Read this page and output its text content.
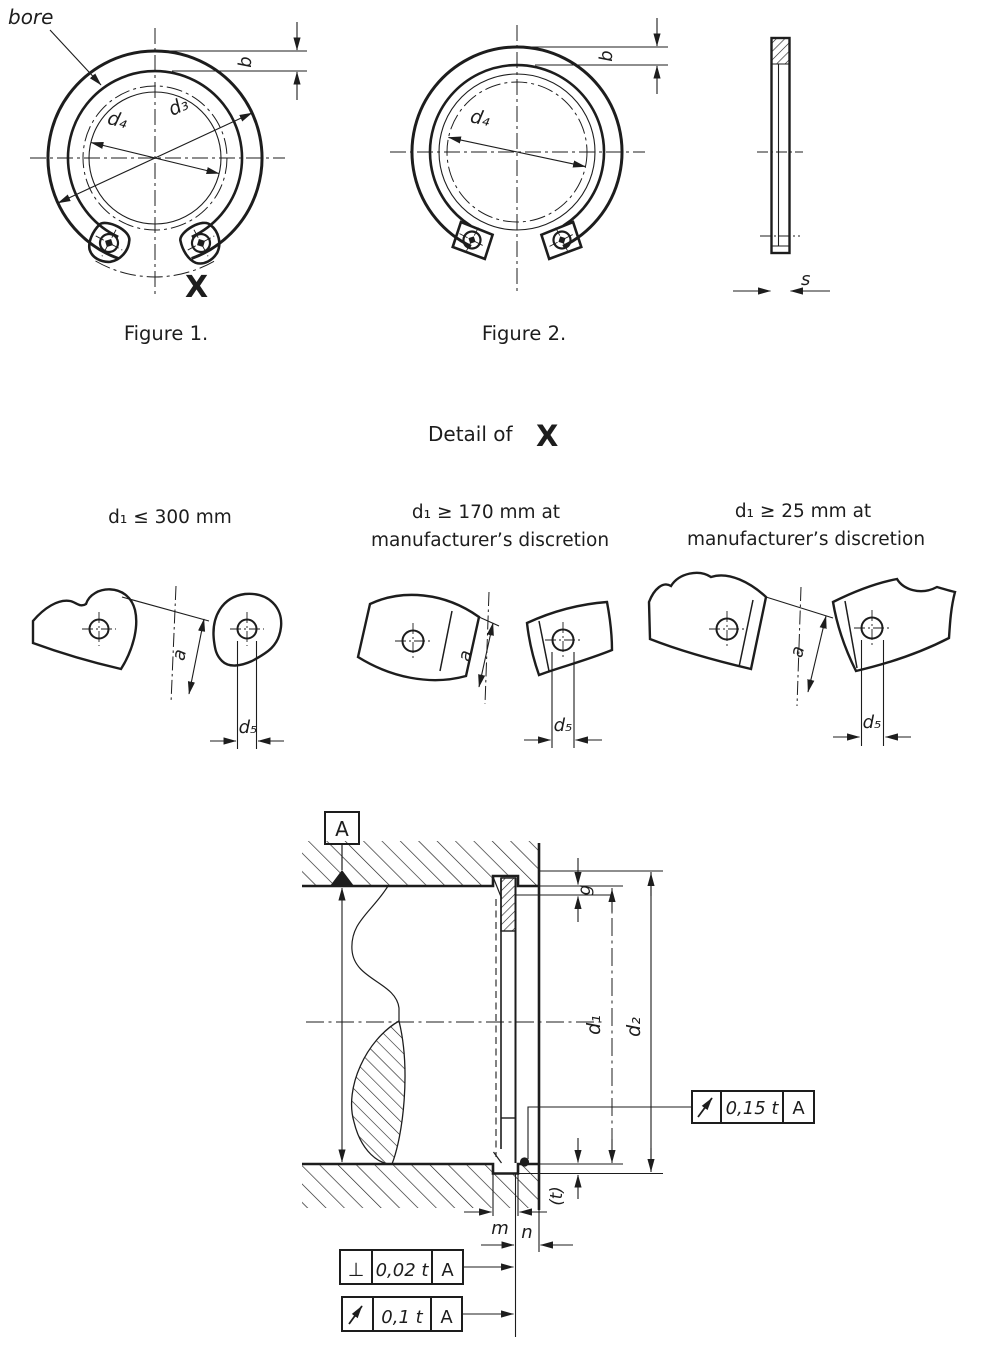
bore
b
d₄ d₃
X
Figure 1.
b
d₄
Figure 2.
s
Detail of X
d₁ ≤ 300 mm	d₁ ≥ 170 mm at
manufacturer’s discretion
d₁ ≥ 25 mm at
manufacturer’s discretion
a
d₅
a
d₅
a
d₅
A
g
d₁ d₂
(t)
m n
0,15 t A
⊥ 0,02 t A
0,1 t A
